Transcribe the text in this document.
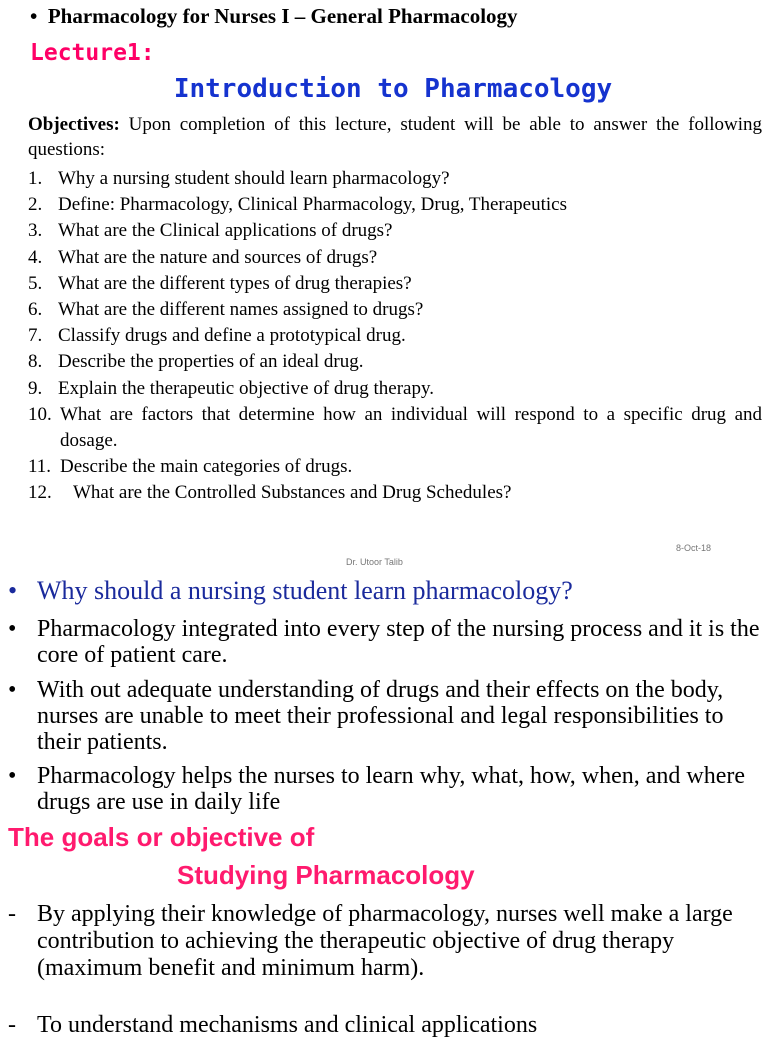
• Pharmacology for Nurses I – General Pharmacology
Lecture1:
Introduction to Pharmacology

Objectives: Upon completion of this lecture, student will be able to answer the following questions:

1. Why a nursing student should learn pharmacology?
2. Define: Pharmacology, Clinical Pharmacology, Drug, Therapeutics
3. What are the Clinical applications of drugs?
4. What are the nature and sources of drugs?
5. What are the different types of drug therapies?
6. What are the different names assigned to drugs?
7. Classify drugs and define a prototypical drug.
8. Describe the properties of an ideal drug.
9. Explain the therapeutic objective of drug therapy.
10. What are factors that determine how an individual will respond to a specific drug and dosage.
11. Describe the main categories of drugs.
12. What are the Controlled Substances and Drug Schedules?
8-Oct-18
Dr. Utoor Talib
• Why should a nursing student learn pharmacology?
• Pharmacology integrated into every step of the nursing process and it is the core of patient care.
• With out adequate understanding of drugs and their effects on the body, nurses are unable to meet their professional and legal responsibilities to their patients.
• Pharmacology helps the nurses to learn why, what, how, when, and where drugs are use in daily life
The goals or objective of
Studying Pharmacology
- By applying their knowledge of pharmacology, nurses well make a large contribution to achieving the therapeutic objective of drug therapy (maximum benefit and minimum harm).
- To understand mechanisms and clinical applications
